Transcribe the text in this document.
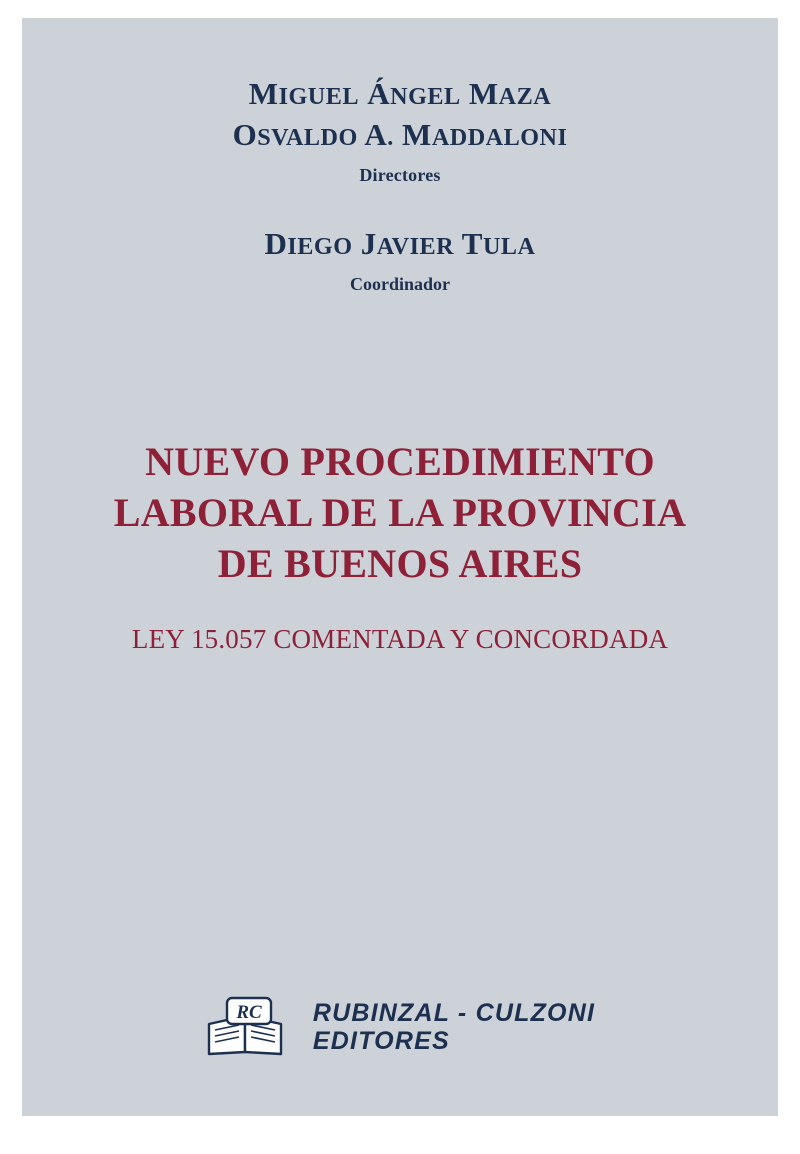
MIGUEL ÁNGEL MAZA
OSVALDO A. MADDALONI
Directores
DIEGO JAVIER TULA
Coordinador
NUEVO PROCEDIMIENTO
LABORAL DE LA PROVINCIA
DE BUENOS AIRES
LEY 15.057 COMENTADA Y CONCORDADA
RC RUBINZAL - CULZONI
EDITORES
